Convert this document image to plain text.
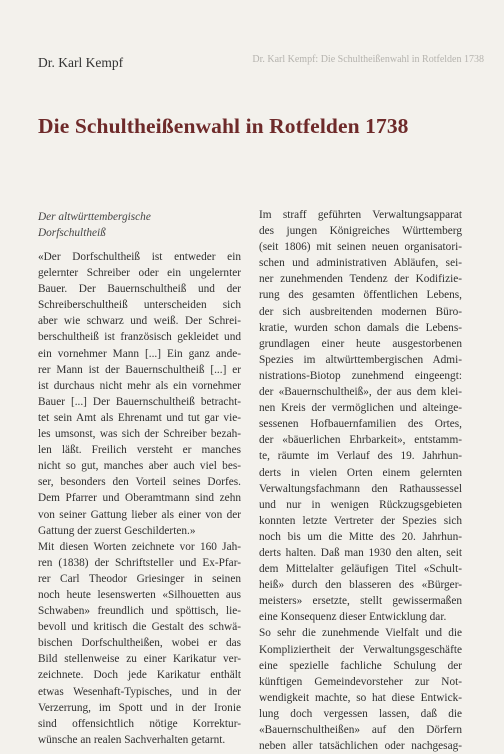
Dr. Karl Kempf	Dr. Karl Kempf: Die Schultheißenwahl in Rotfelden 1738
Die Schultheißenwahl in Rotfelden 1738
Der altwürttembergische
Dorfschultheiß
«Der Dorfschultheiß ist entweder ein
gelernter Schreiber oder ein ungelernter
Bauer. Der Bauernschultheiß und der
Schreiberschultheiß unterscheiden sich
aber wie schwarz und weiß. Der Schrei-
berschultheiß ist französisch gekleidet und
ein vornehmer Mann [...] Ein ganz ande-
rer Mann ist der Bauernschultheiß [...] er
ist durchaus nicht mehr als ein vornehmer
Bauer [...] Der Bauernschultheiß betracht-
tet sein Amt als Ehrenamt und tut gar vie-
les umsonst, was sich der Schreiber bezah-
len läßt. Freilich versteht er manches
nicht so gut, manches aber auch viel bes-
ser, besonders den Vorteil seines Dorfes.
Dem Pfarrer und Oberamtmann sind zehn
von seiner Gattung lieber als einer von der
Gattung der zuerst Geschilderten.»
Mit diesen Worten zeichnete vor 160 Jah-
ren (1838) der Schriftsteller und Ex-Pfar-
rer Carl Theodor Griesinger in seinen
noch heute lesenswerten «Silhouetten aus
Schwaben» freundlich und spöttisch, lie-
bevoll und kritisch die Gestalt des schwä-
bischen Dorfschultheißen, wobei er das
Bild stellenweise zu einer Karikatur ver-
zeichnete. Doch jede Karikatur enthält
etwas Wesenhaft-Typisches, und in der
Verzerrung, im Spott und in der Ironie
sind offensichtlich nötige Korrektur-
wünsche an realen Sachverhalten getarnt.
Im straff geführten Verwaltungsapparat
des jungen Königreiches Württemberg
(seit 1806) mit seinen neuen organisatori-
schen und administrativen Abläufen, sei-
ner zunehmenden Tendenz der Kodifizie-
rung des gesamten öffentlichen Lebens,
der sich ausbreitenden modernen Büro-
kratie, wurden schon damals die Lebens-
grundlagen einer heute ausgestorbenen
Spezies im altwürttembergischen Admi-
nistrations-Biotop zunehmend eingeengt:
der «Bauernschultheiß», der aus dem klei-
nen Kreis der vermöglichen und alteinge-
sessenen Hofbauernfamilien des Ortes,
der «bäuerlichen Ehrbarkeit», entstamm-
te, räumte im Verlauf des 19. Jahrhun-
derts in vielen Orten einem gelernten
Verwaltungsfachmann den Rathaussessel
und nur in wenigen Rückzugsgebieten
konnten letzte Vertreter der Spezies sich
noch bis um die Mitte des 20. Jahrhun-
derts halten. Daß man 1930 den alten, seit
dem Mittelalter geläufigen Titel «Schult-
heiß» durch den blasseren des «Bürger-
meisters» ersetzte, stellt gewissermaßen
eine Konsequenz dieser Entwicklung dar.
So sehr die zunehmende Vielfalt und die
Kompliziertheit der Verwaltungsgeschäfte
eine spezielle fachliche Schulung der
künftigen Gemeindevorsteher zur Not-
wendigkeit machte, so hat diese Entwick-
lung doch vergessen lassen, daß die
«Bauernschultheißen» auf den Dörfern
neben aller tatsächlichen oder nachgesag-
